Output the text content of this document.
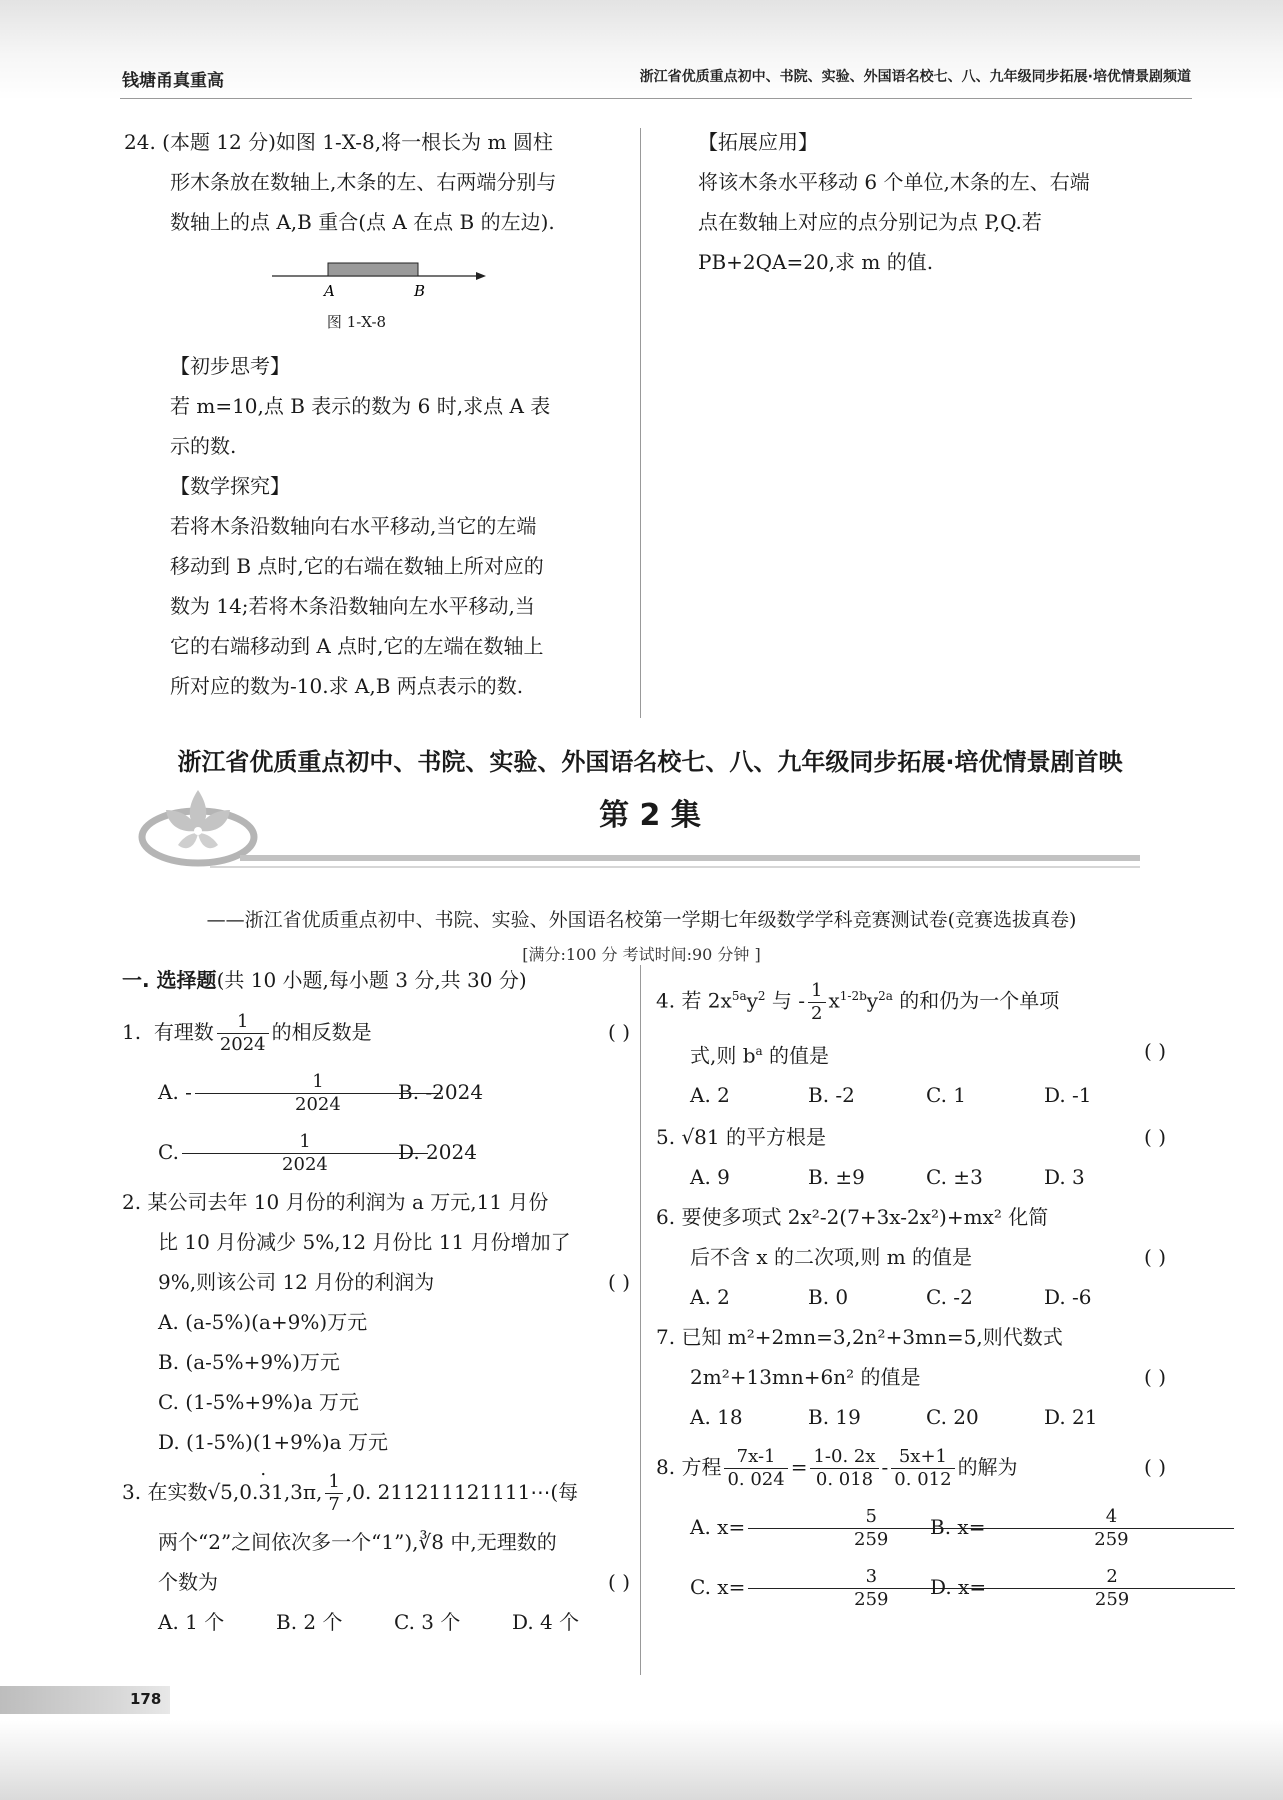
钱塘甬真重高	浙江省优质重点初中、书院、实验、外国语名校七、八、九年级同步拓展·培优情景剧频道

24. (本题 12 分)如图 1-X-8,将一根长为 m 圆柱

形木条放在数轴上,木条的左、右两端分别与

数轴上的点 A,B 重合(点 A 在点 B 的左边).

A	B

图 1-X-8

【初步思考】

若 m=10,点 B 表示的数为 6 时,求点 A 表

示的数.

【数学探究】

若将木条沿数轴向右水平移动,当它的左端

移动到 B 点时,它的右端在数轴上所对应的

数为 14;若将木条沿数轴向左水平移动,当

它的右端移动到 A 点时,它的左端在数轴上

所对应的数为-10.求 A,B 两点表示的数.

【拓展应用】

将该木条水平移动 6 个单位,木条的左、右端

点在数轴上对应的点分别记为点 P,Q.若

PB+2QA=20,求 m 的值.

浙江省优质重点初中、书院、实验、外国语名校七、八、九年级同步拓展·培优情景剧首映
第 2 集
——浙江省优质重点初中、书院、实验、外国语名校第一学期七年级数学学科竞赛测试卷(竞赛选拔真卷)
[满分:100 分 考试时间:90 分钟 ]

一. 选择题(共 10 小题,每小题 3 分,共 30 分)

1. 有理数 $\frac{1}{2024}$ 的相反数是	( )

A. - $\frac{1}{2024}$
B. -2024

C. $\frac{1}{2024}$
D. 2024

2. 某公司去年 10 月份的利润为 a 万元,11 月份

比 10 月份减少 5%,12 月份比 11 月份增加了

9%,则该公司 12 月份的利润为	( )

A. (a-5%)(a+9%)万元

B. (a-5%+9%)万元

C. (1-5%+9%)a 万元

D. (1-5%)(1+9%)a 万元

3. 在实数√5,0.. 31,3π, $\frac{1}{7} ,0$. 211211121111⋯(每

两个“2”之间依次多一个“1”),∛8 中,无理数的

个数为	( )

A. 1 个	B. 2 个	C. 3 个	D. 4 个

4. 若 $2x^{5a}y^2$ 与 - $\frac{1}{2} x^{1-2b}y^{2a}$ 的和仍为一个单项

式,则 $b^a$ 的值是	( )

A. 2	B. -2	C. 1	D. -1

5. √81 的平方根是	( )

A. 9	B. ±9	C. ±3	D. 3

6. 要使多项式 2x²-2(7+3x-2x²)+mx² 化简

后不含 x 的二次项,则 m 的值是	( )

A. 2	B. 0	C. -2	D. -6

7. 已知 m²+2mn=3,2n²+3mn=5,则代数式

2m²+13mn+6n² 的值是	( )

A. 18	B. 19	C. 20	D. 21

8. 方程 $\frac{7x-1}{0. 024} = \frac{1-0. 2x}{0. 018} - \frac{5x+1}{0. 012}$ 的解为	( )

A. $x= \frac{5}{259}$
B. $x= \frac{4}{259}$

C. $x= \frac{3}{259}$
D. $x= \frac{2}{259}$

178
